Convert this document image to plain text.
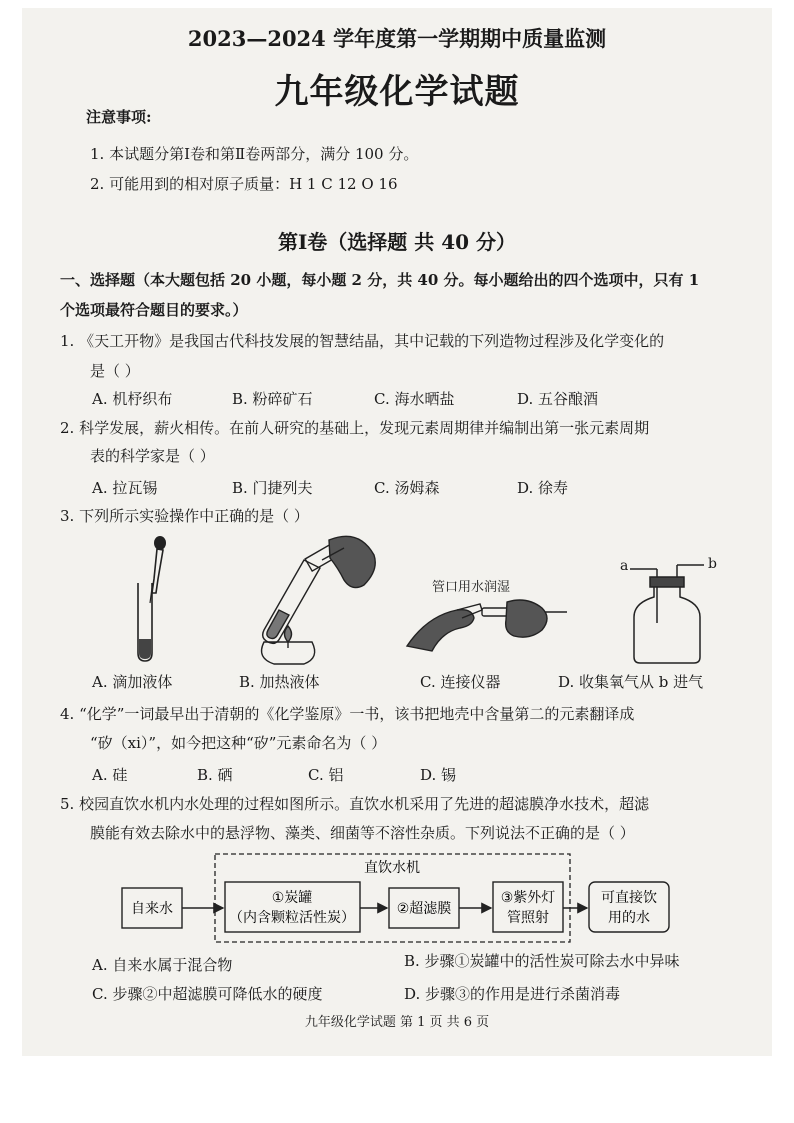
2023—2024 学年度第一学期期中质量监测
九年级化学试题
注意事项:
1. 本试题分第Ⅰ卷和第Ⅱ卷两部分，满分 100 分。
2. 可能用到的相对原子质量：H 1 C 12 O 16
第Ⅰ卷（选择题 共 40 分）
一、选择题（本大题包括 20 小题，每小题 2 分，共 40 分。每小题给出的四个选项中，只有 1
个选项最符合题目的要求。）
1. 《天工开物》是我国古代科技发展的智慧结晶，其中记载的下列造物过程涉及化学变化的
是（ ）
A. 机杼织布	B. 粉碎矿石	C. 海水晒盐	D. 五谷酿酒
2. 科学发展，薪火相传。在前人研究的基础上，发现元素周期律并编制出第一张元素周期
表的科学家是（ ）
A. 拉瓦锡	B. 门捷列夫	C. 汤姆森	D. 徐寿
3. 下列所示实验操作中正确的是（ ）
管口用水润湿
a	b
A. 滴加液体	B. 加热液体	C. 连接仪器	D. 收集氧气从 b 进气
4. “化学”一词最早出于清朝的《化学鉴原》一书，该书把地壳中含量第二的元素翻译成
“矽（xi）”，如今把这种“矽”元素命名为（ ）
A. 硅	B. 硒	C. 铝	D. 锡
5. 校园直饮水机内水处理的过程如图所示。直饮水机采用了先进的超滤膜净水技术，超滤
膜能有效去除水中的悬浮物、藻类、细菌等不溶性杂质。下列说法不正确的是（ ）
直饮水机
自来水
①炭罐
（内含颗粒活性炭）
②超滤膜
③紫外灯
管照射
可直接饮
用的水
A. 自来水属于混合物	B. 步骤①炭罐中的活性炭可除去水中异味
C. 步骤②中超滤膜可降低水的硬度	D. 步骤③的作用是进行杀菌消毒
九年级化学试题 第 1 页 共 6 页
